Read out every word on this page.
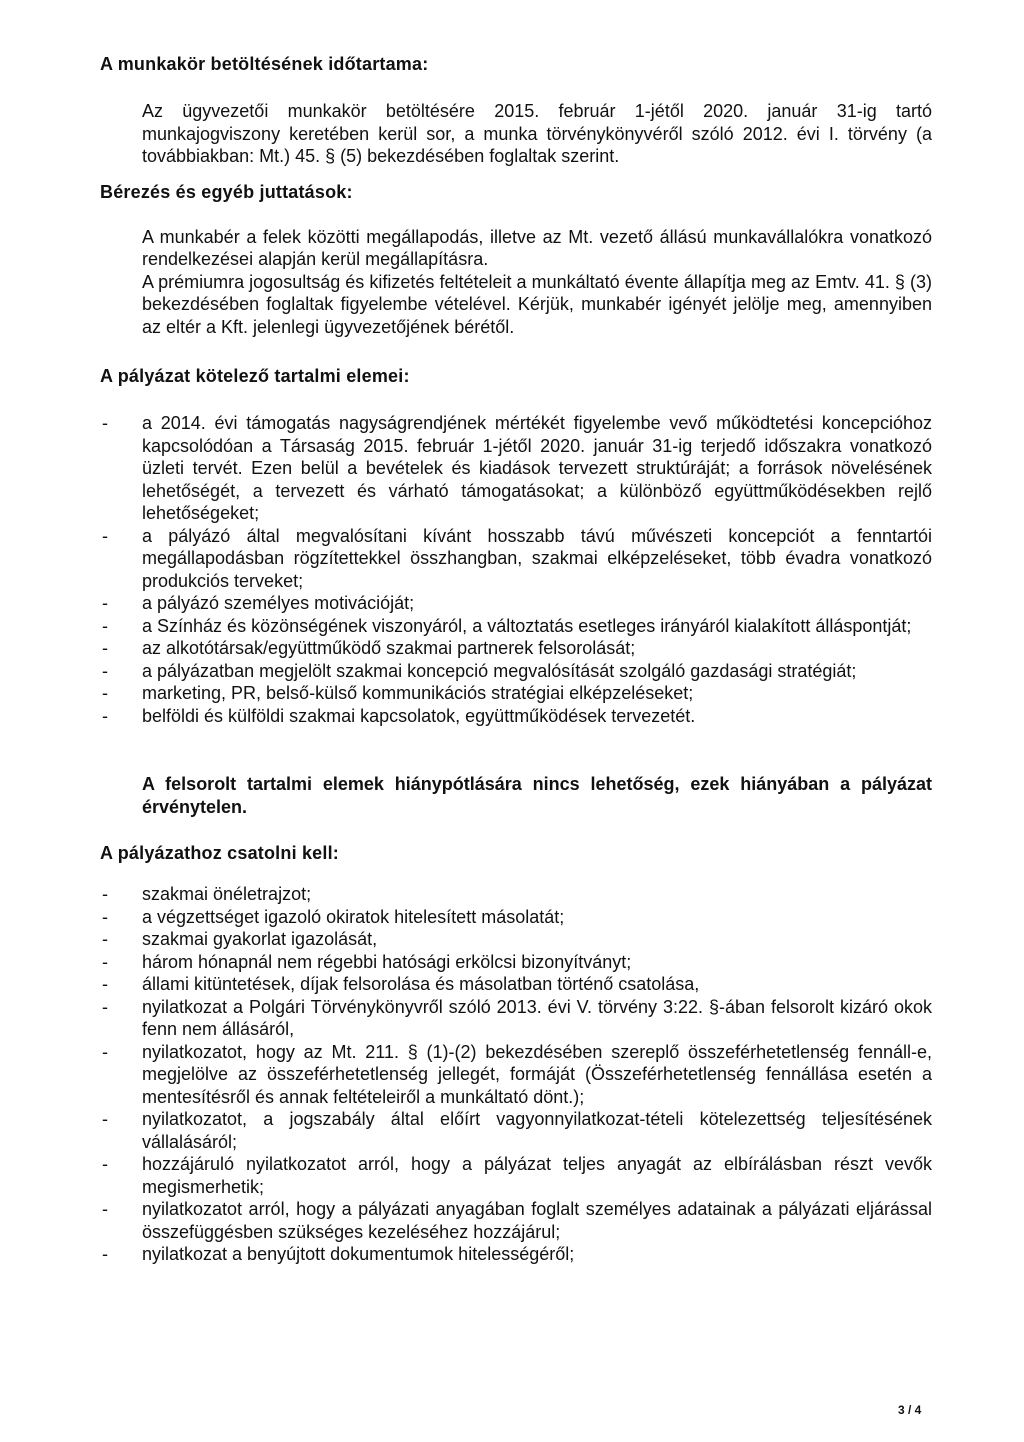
A munkakör betöltésének időtartama:

Az ügyvezetői munkakör betöltésére 2015. február 1-jétől 2020. január 31-ig tartó munkajogviszony keretében kerül sor, a munka törvénykönyvéről szóló 2012. évi I. törvény (a továbbiakban: Mt.) 45. § (5) bekezdésében foglaltak szerint.

Bérezés és egyéb juttatások:

A munkabér a felek közötti megállapodás, illetve az Mt. vezető állású munkavállalókra vonatkozó rendelkezései alapján kerül megállapításra.

A prémiumra jogosultság és kifizetés feltételeit a munkáltató évente állapítja meg az Emtv. 41. § (3) bekezdésében foglaltak figyelembe vételével. Kérjük, munkabér igényét jelölje meg, amennyiben az eltér a Kft. jelenlegi ügyvezetőjének bérétől.

A pályázat kötelező tartalmi elemei:
- a 2014. évi támogatás nagyságrendjének mértékét figyelembe vevő működtetési koncepcióhoz kapcsolódóan a Társaság 2015. február 1-jétől 2020. január 31-ig terjedő időszakra vonatkozó üzleti tervét. Ezen belül a bevételek és kiadások tervezett struktúráját; a források növelésének lehetőségét, a tervezett és várható támogatásokat; a különböző együttműködésekben rejlő lehetőségeket;
- a pályázó által megvalósítani kívánt hosszabb távú művészeti koncepciót a fenntartói megállapodásban rögzítettekkel összhangban, szakmai elképzeléseket, több évadra vonatkozó produkciós terveket;
- a pályázó személyes motivációját;
- a Színház és közönségének viszonyáról, a változtatás esetleges irányáról kialakított álláspontját;
- az alkotótársak/együttműködő szakmai partnerek felsorolását;
- a pályázatban megjelölt szakmai koncepció megvalósítását szolgáló gazdasági stratégiát;
- marketing, PR, belső-külső kommunikációs stratégiai elképzeléseket;
- belföldi és külföldi szakmai kapcsolatok, együttműködések tervezetét.
A felsorolt tartalmi elemek hiánypótlására nincs lehetőség, ezek hiányában a pályázat érvénytelen.
A pályázathoz csatolni kell:
- szakmai önéletrajzot;
- a végzettséget igazoló okiratok hitelesített másolatát;
- szakmai gyakorlat igazolását,
- három hónapnál nem régebbi hatósági erkölcsi bizonyítványt;
- állami kitüntetések, díjak felsorolása és másolatban történő csatolása,
- nyilatkozat a Polgári Törvénykönyvről szóló 2013. évi V. törvény 3:22. §-ában felsorolt kizáró okok fenn nem állásáról,
- nyilatkozatot, hogy az Mt. 211. § (1)-(2) bekezdésében szereplő összeférhetetlenség fennáll-e, megjelölve az összeférhetetlenség jellegét, formáját (Összeférhetetlenség fennállása esetén a mentesítésről és annak feltételeiről a munkáltató dönt.);
- nyilatkozatot, a jogszabály által előírt vagyonnyilatkozat-tételi kötelezettség teljesítésének vállalásáról;
- hozzájáruló nyilatkozatot arról, hogy a pályázat teljes anyagát az elbírálásban részt vevők megismerhetik;
- nyilatkozatot arról, hogy a pályázati anyagában foglalt személyes adatainak a pályázati eljárással összefüggésben szükséges kezeléséhez hozzájárul;
- nyilatkozat a benyújtott dokumentumok hitelességéről;
3 / 4
